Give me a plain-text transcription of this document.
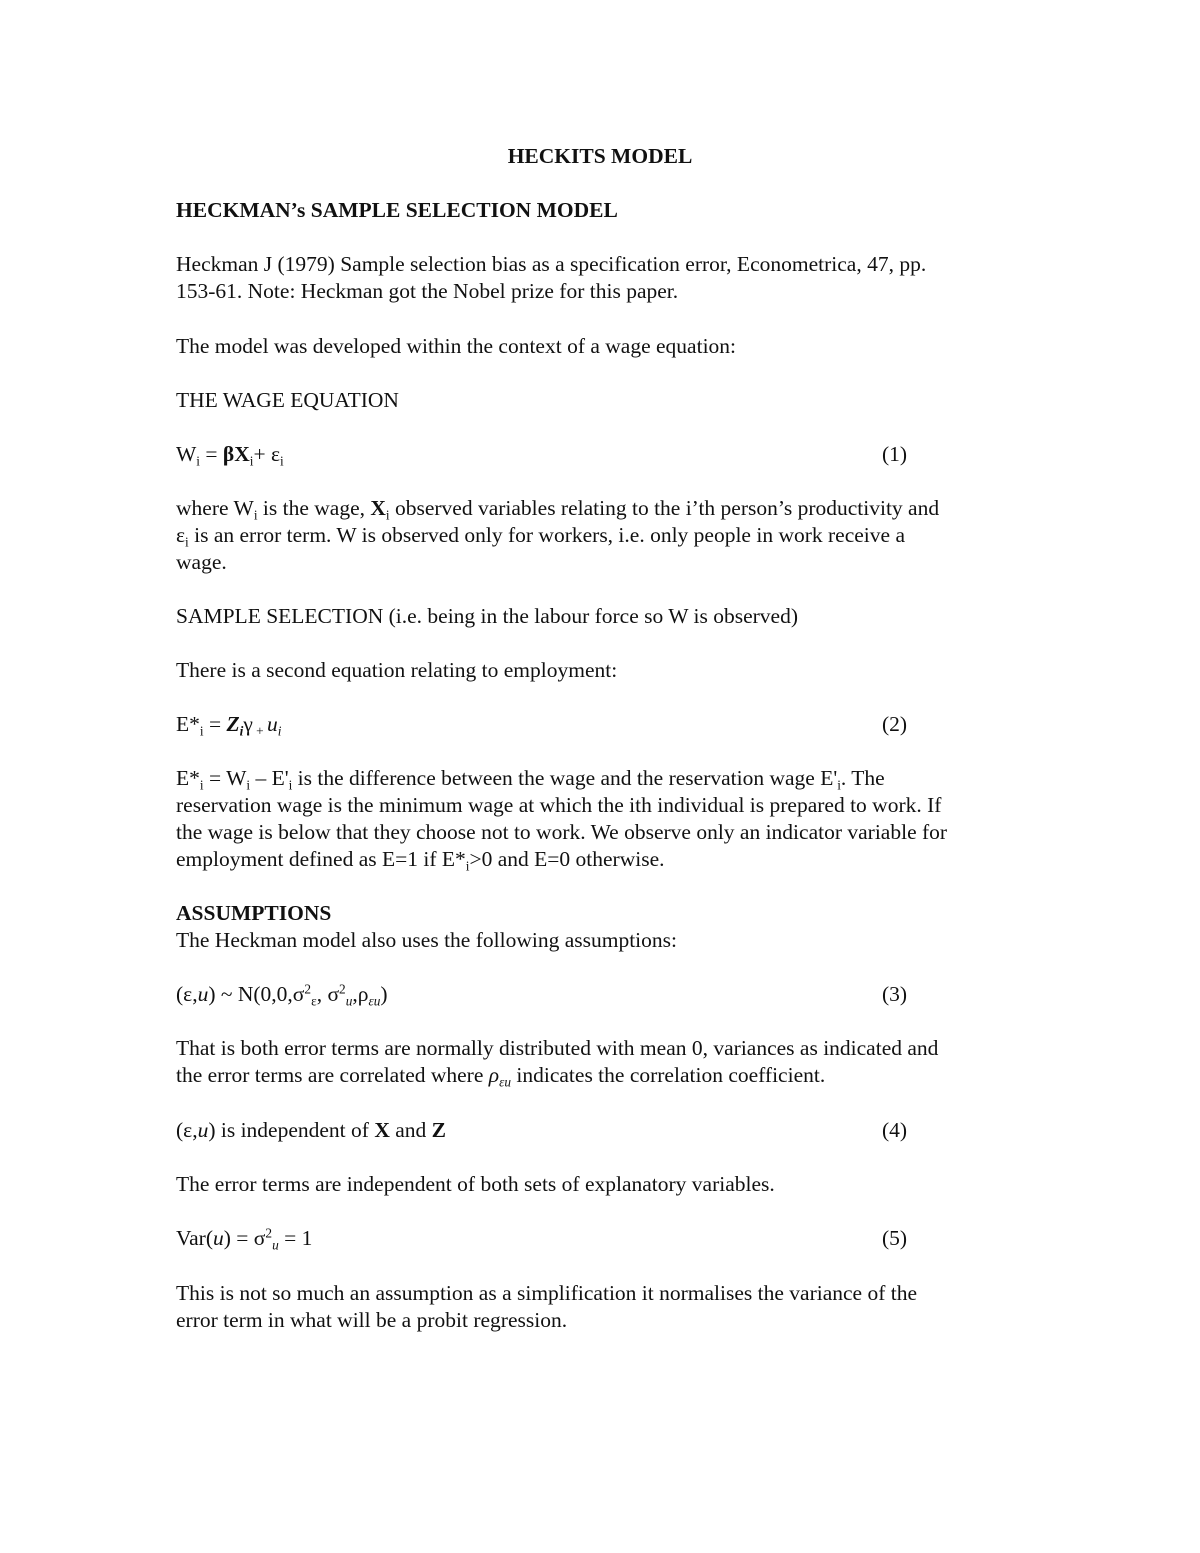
HECKITS MODEL
HECKMAN’s SAMPLE SELECTION MODEL
Heckman J (1979) Sample selection bias as a specification error, Econometrica, 47, pp.
153-61. Note: Heckman got the Nobel prize for this paper.
The model was developed within the context of a wage equation:
THE WAGE EQUATION
$W_i = \beta X_i+ \varepsilon_i$	(1)
where $W_i$ is the wage, $X_i$ observed variables relating to the i’th person’s productivity and
$\varepsilon_i$ is an error term. W is observed only for workers, i.e. only people in work receive a
wage.
SAMPLE SELECTION (i.e. being in the labour force so W is observed)
There is a second equation relating to employment:
$E*_i = Z_i\gamma$ $_+$ $u_i$	(2)
$E*_i = W_i - E'_i$ is the difference between the wage and the reservation wage $E'_i$. The
reservation wage is the minimum wage at which the ith individual is prepared to work. If
the wage is below that they choose not to work. We observe only an indicator variable for
employment defined as E=1 if $E*_i>0$ and E=0 otherwise.
ASSUMPTIONS
The Heckman model also uses the following assumptions:
(ε,u) ~ $N(0,0,\sigma^2_\varepsilon$, $\sigma^2_u,\rho_{\varepsilon u}$)	(3)
That is both error terms are normally distributed with mean 0, variances as indicated and
the error terms are correlated where $\rho_{\varepsilon u}$ indicates the correlation coefficient.
(ε,u) is independent of X and Z	(4)
The error terms are independent of both sets of explanatory variables.
$Var(u) = \sigma^2_u = 1$	(5)
This is not so much an assumption as a simplification it normalises the variance of the
error term in what will be a probit regression.
